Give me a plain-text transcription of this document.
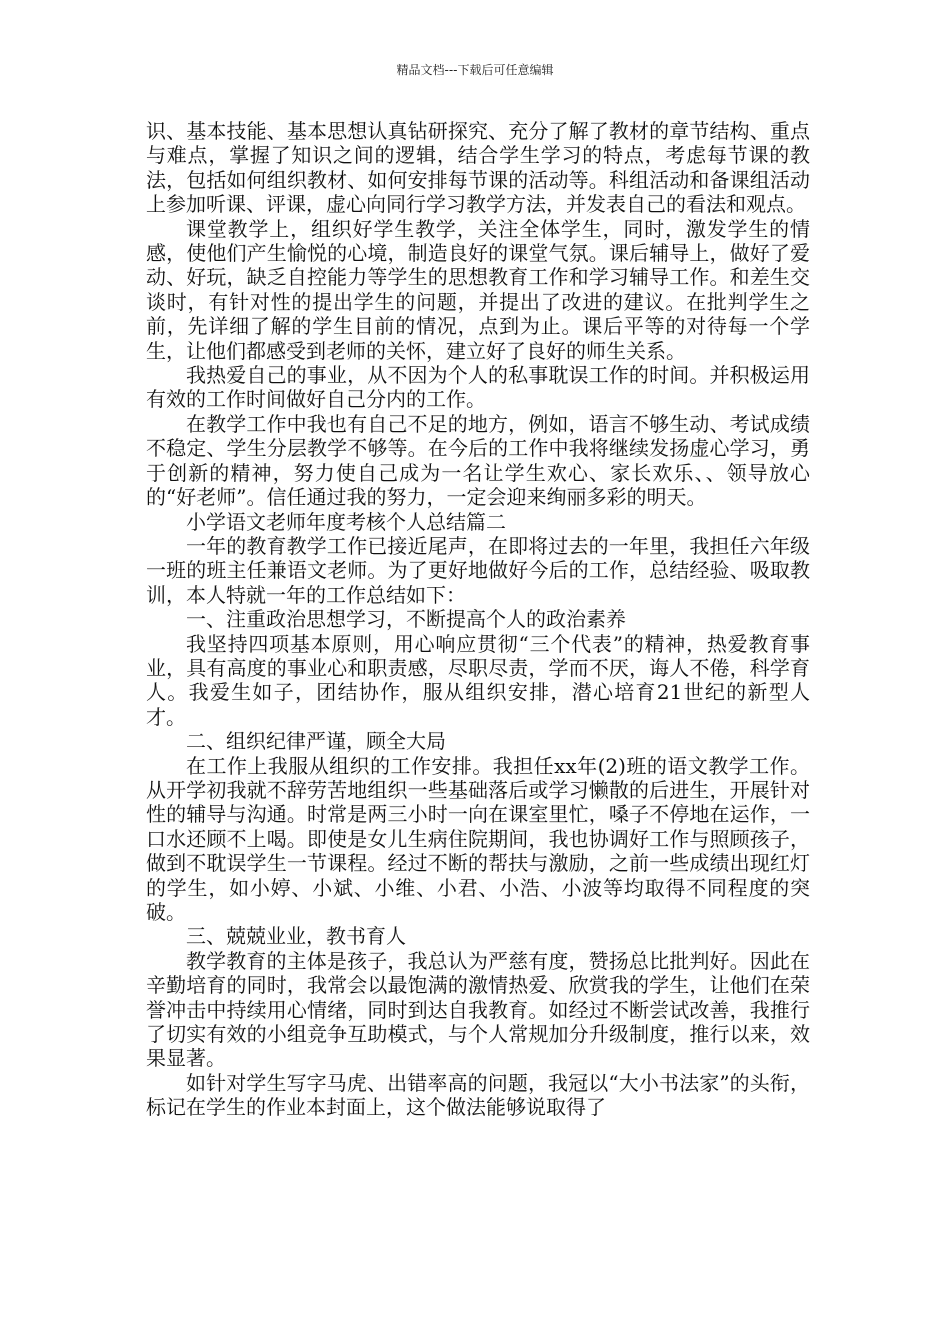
精品文档---下载后可任意编辑

识、基本技能、基本思想认真钻研探究、充分了解了教材的章节结构、重点与难点，掌握了知识之间的逻辑，结合学生学习的特点，考虑每节课的教法，包括如何组织教材、如何安排每节课的活动等。科组活动和备课组活动上参加听课、评课，虚心向同行学习教学方法，并发表自己的看法和观点。

课堂教学上，组织好学生教学，关注全体学生，同时，激发学生的情感，使他们产生愉悦的心境，制造良好的课堂气氛。课后辅导上，做好了爱动、好玩，缺乏自控能力等学生的思想教育工作和学习辅导工作。和差生交谈时，有针对性的提出学生的问题，并提出了改进的建议。在批判学生之前，先详细了解的学生目前的情况，点到为止。课后平等的对待每一个学生，让他们都感受到老师的关怀，建立好了良好的师生关系。

我热爱自己的事业，从不因为个人的私事耽误工作的时间。并积极运用有效的工作时间做好自己分内的工作。

在教学工作中我也有自己不足的地方，例如，语言不够生动、考试成绩不稳定、学生分层教学不够等。在今后的工作中我将继续发扬虚心学习，勇于创新的精神，努力使自己成为一名让学生欢心、家长欢乐、、领导放心的“好老师”。信任通过我的努力，一定会迎来绚丽多彩的明天。

小学语文老师年度考核个人总结篇二

一年的教育教学工作已接近尾声，在即将过去的一年里，我担任六年级一班的班主任兼语文老师。为了更好地做好今后的工作，总结经验、吸取教训，本人特就一年的工作总结如下：

一、注重政治思想学习，不断提高个人的政治素养

我坚持四项基本原则，用心响应贯彻“三个代表”的精神，热爱教育事业，具有高度的事业心和职责感，尽职尽责，学而不厌，诲人不倦，科学育人。我爱生如子，团结协作，服从组织安排，潜心培育21世纪的新型人才。

二、组织纪律严谨，顾全大局

在工作上我服从组织的工作安排。我担任xx年(2)班的语文教学工作。从开学初我就不辞劳苦地组织一些基础落后或学习懒散的后进生，开展针对性的辅导与沟通。时常是两三小时一向在课室里忙，嗓子不停地在运作，一口水还顾不上喝。即使是女儿生病住院期间，我也协调好工作与照顾孩子，做到不耽误学生一节课程。经过不断的帮扶与激励，之前一些成绩出现红灯的学生，如小婷、小斌、小维、小君、小浩、小波等均取得不同程度的突破。

三、兢兢业业，教书育人

教学教育的主体是孩子，我总认为严慈有度，赞扬总比批判好。因此在辛勤培育的同时，我常会以最饱满的激情热爱、欣赏我的学生，让他们在荣誉冲击中持续用心情绪，同时到达自我教育。如经过不断尝试改善，我推行了切实有效的小组竞争互助模式，与个人常规加分升级制度，推行以来，效果显著。

如针对学生写字马虎、出错率高的问题，我冠以“大小书法家”的头衔，标记在学生的作业本封面上，这个做法能够说取得了
